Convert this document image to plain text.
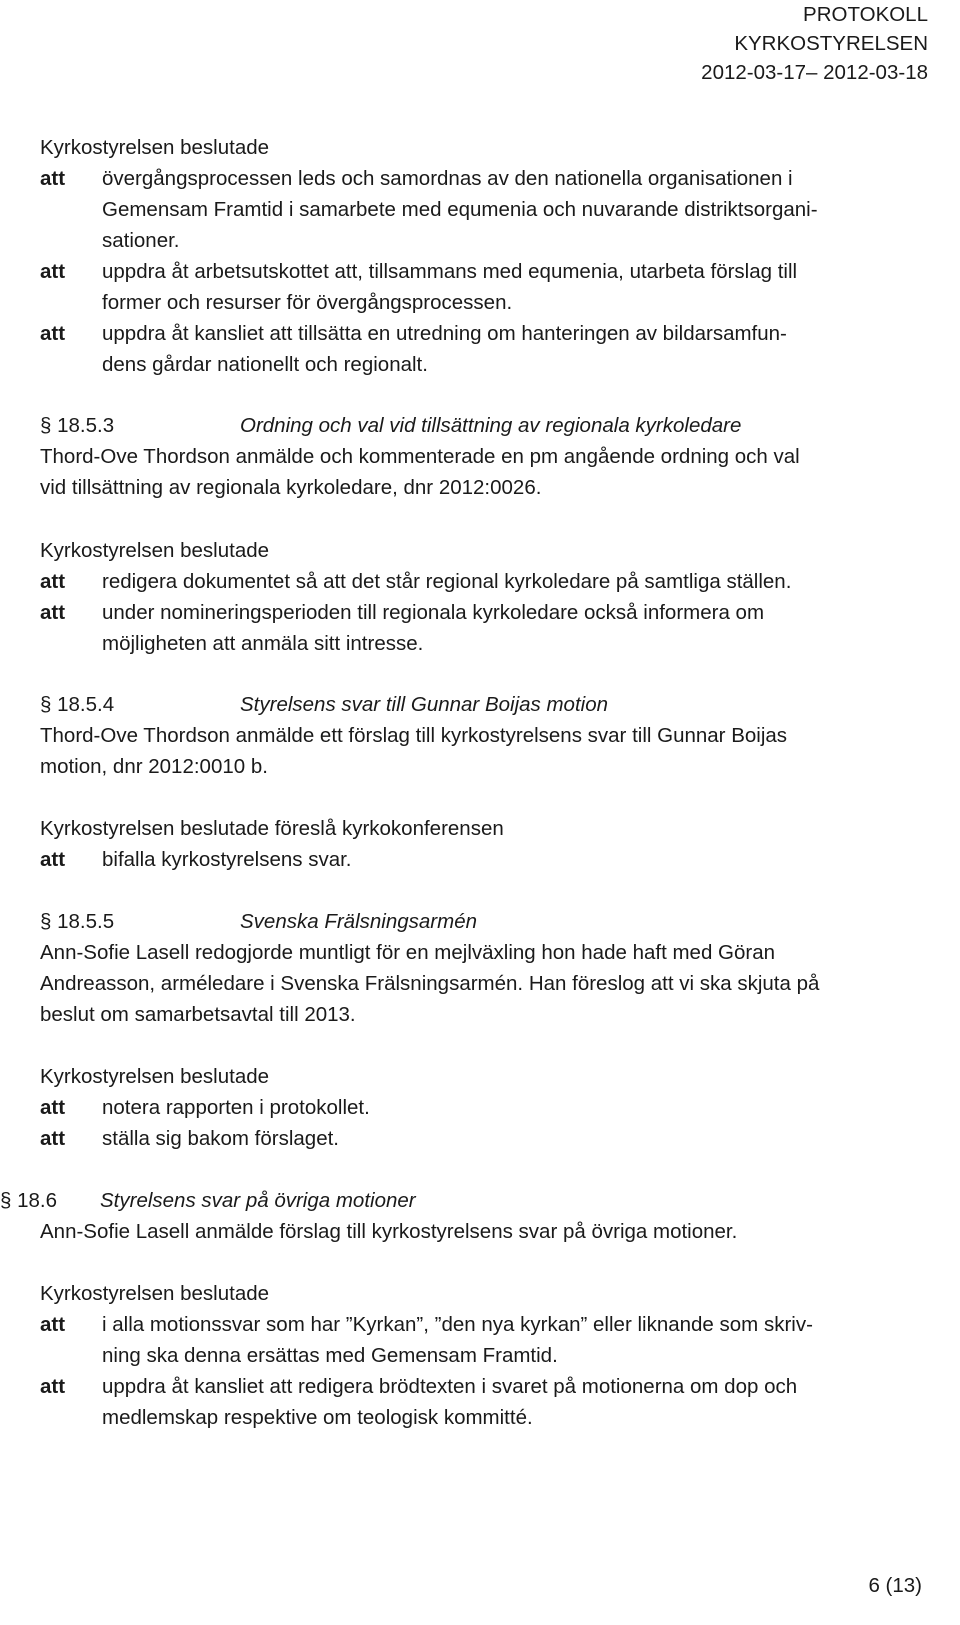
PROTOKOLL
KYRKOSTYRELSEN
2012-03-17– 2012-03-18
Kyrkostyrelsen beslutade
att	övergångsprocessen leds och samordnas av den nationella organisationen i
Gemensam Framtid i samarbete med equmenia och nuvarande distriktsorgani-
sationer.
att	uppdra åt arbetsutskottet att, tillsammans med equmenia, utarbeta förslag till
former och resurser för övergångsprocessen.
att	uppdra åt kansliet att tillsätta en utredning om hanteringen av bildarsamfun-
dens gårdar nationellt och regionalt.
§ 18.5.3	Ordning och val vid tillsättning av regionala kyrkoledare
Thord-Ove Thordson anmälde och kommenterade en pm angående ordning och val
vid tillsättning av regionala kyrkoledare, dnr 2012:0026.
Kyrkostyrelsen beslutade
att	redigera dokumentet så att det står regional kyrkoledare på samtliga ställen.
att	under nomineringsperioden till regionala kyrkoledare också informera om
möjligheten att anmäla sitt intresse.
§ 18.5.4	Styrelsens svar till Gunnar Boijas motion
Thord-Ove Thordson anmälde ett förslag till kyrkostyrelsens svar till Gunnar Boijas
motion, dnr 2012:0010 b.
Kyrkostyrelsen beslutade föreslå kyrkokonferensen
att	bifalla kyrkostyrelsens svar.
§ 18.5.5	Svenska Frälsningsarmén
Ann-Sofie Lasell redogjorde muntligt för en mejlväxling hon hade haft med Göran
Andreasson, arméledare i Svenska Frälsningsarmén. Han föreslog att vi ska skjuta på
beslut om samarbetsavtal till 2013.
Kyrkostyrelsen beslutade
att	notera rapporten i protokollet.
att	ställa sig bakom förslaget.
§ 18.6 Styrelsens svar på övriga motioner
Ann-Sofie Lasell anmälde förslag till kyrkostyrelsens svar på övriga motioner.
Kyrkostyrelsen beslutade
att	i alla motionssvar som har ”Kyrkan”, ”den nya kyrkan” eller liknande som skriv-
ning ska denna ersättas med Gemensam Framtid.
att	uppdra åt kansliet att redigera brödtexten i svaret på motionerna om dop och
medlemskap respektive om teologisk kommitté.
6 (13)
